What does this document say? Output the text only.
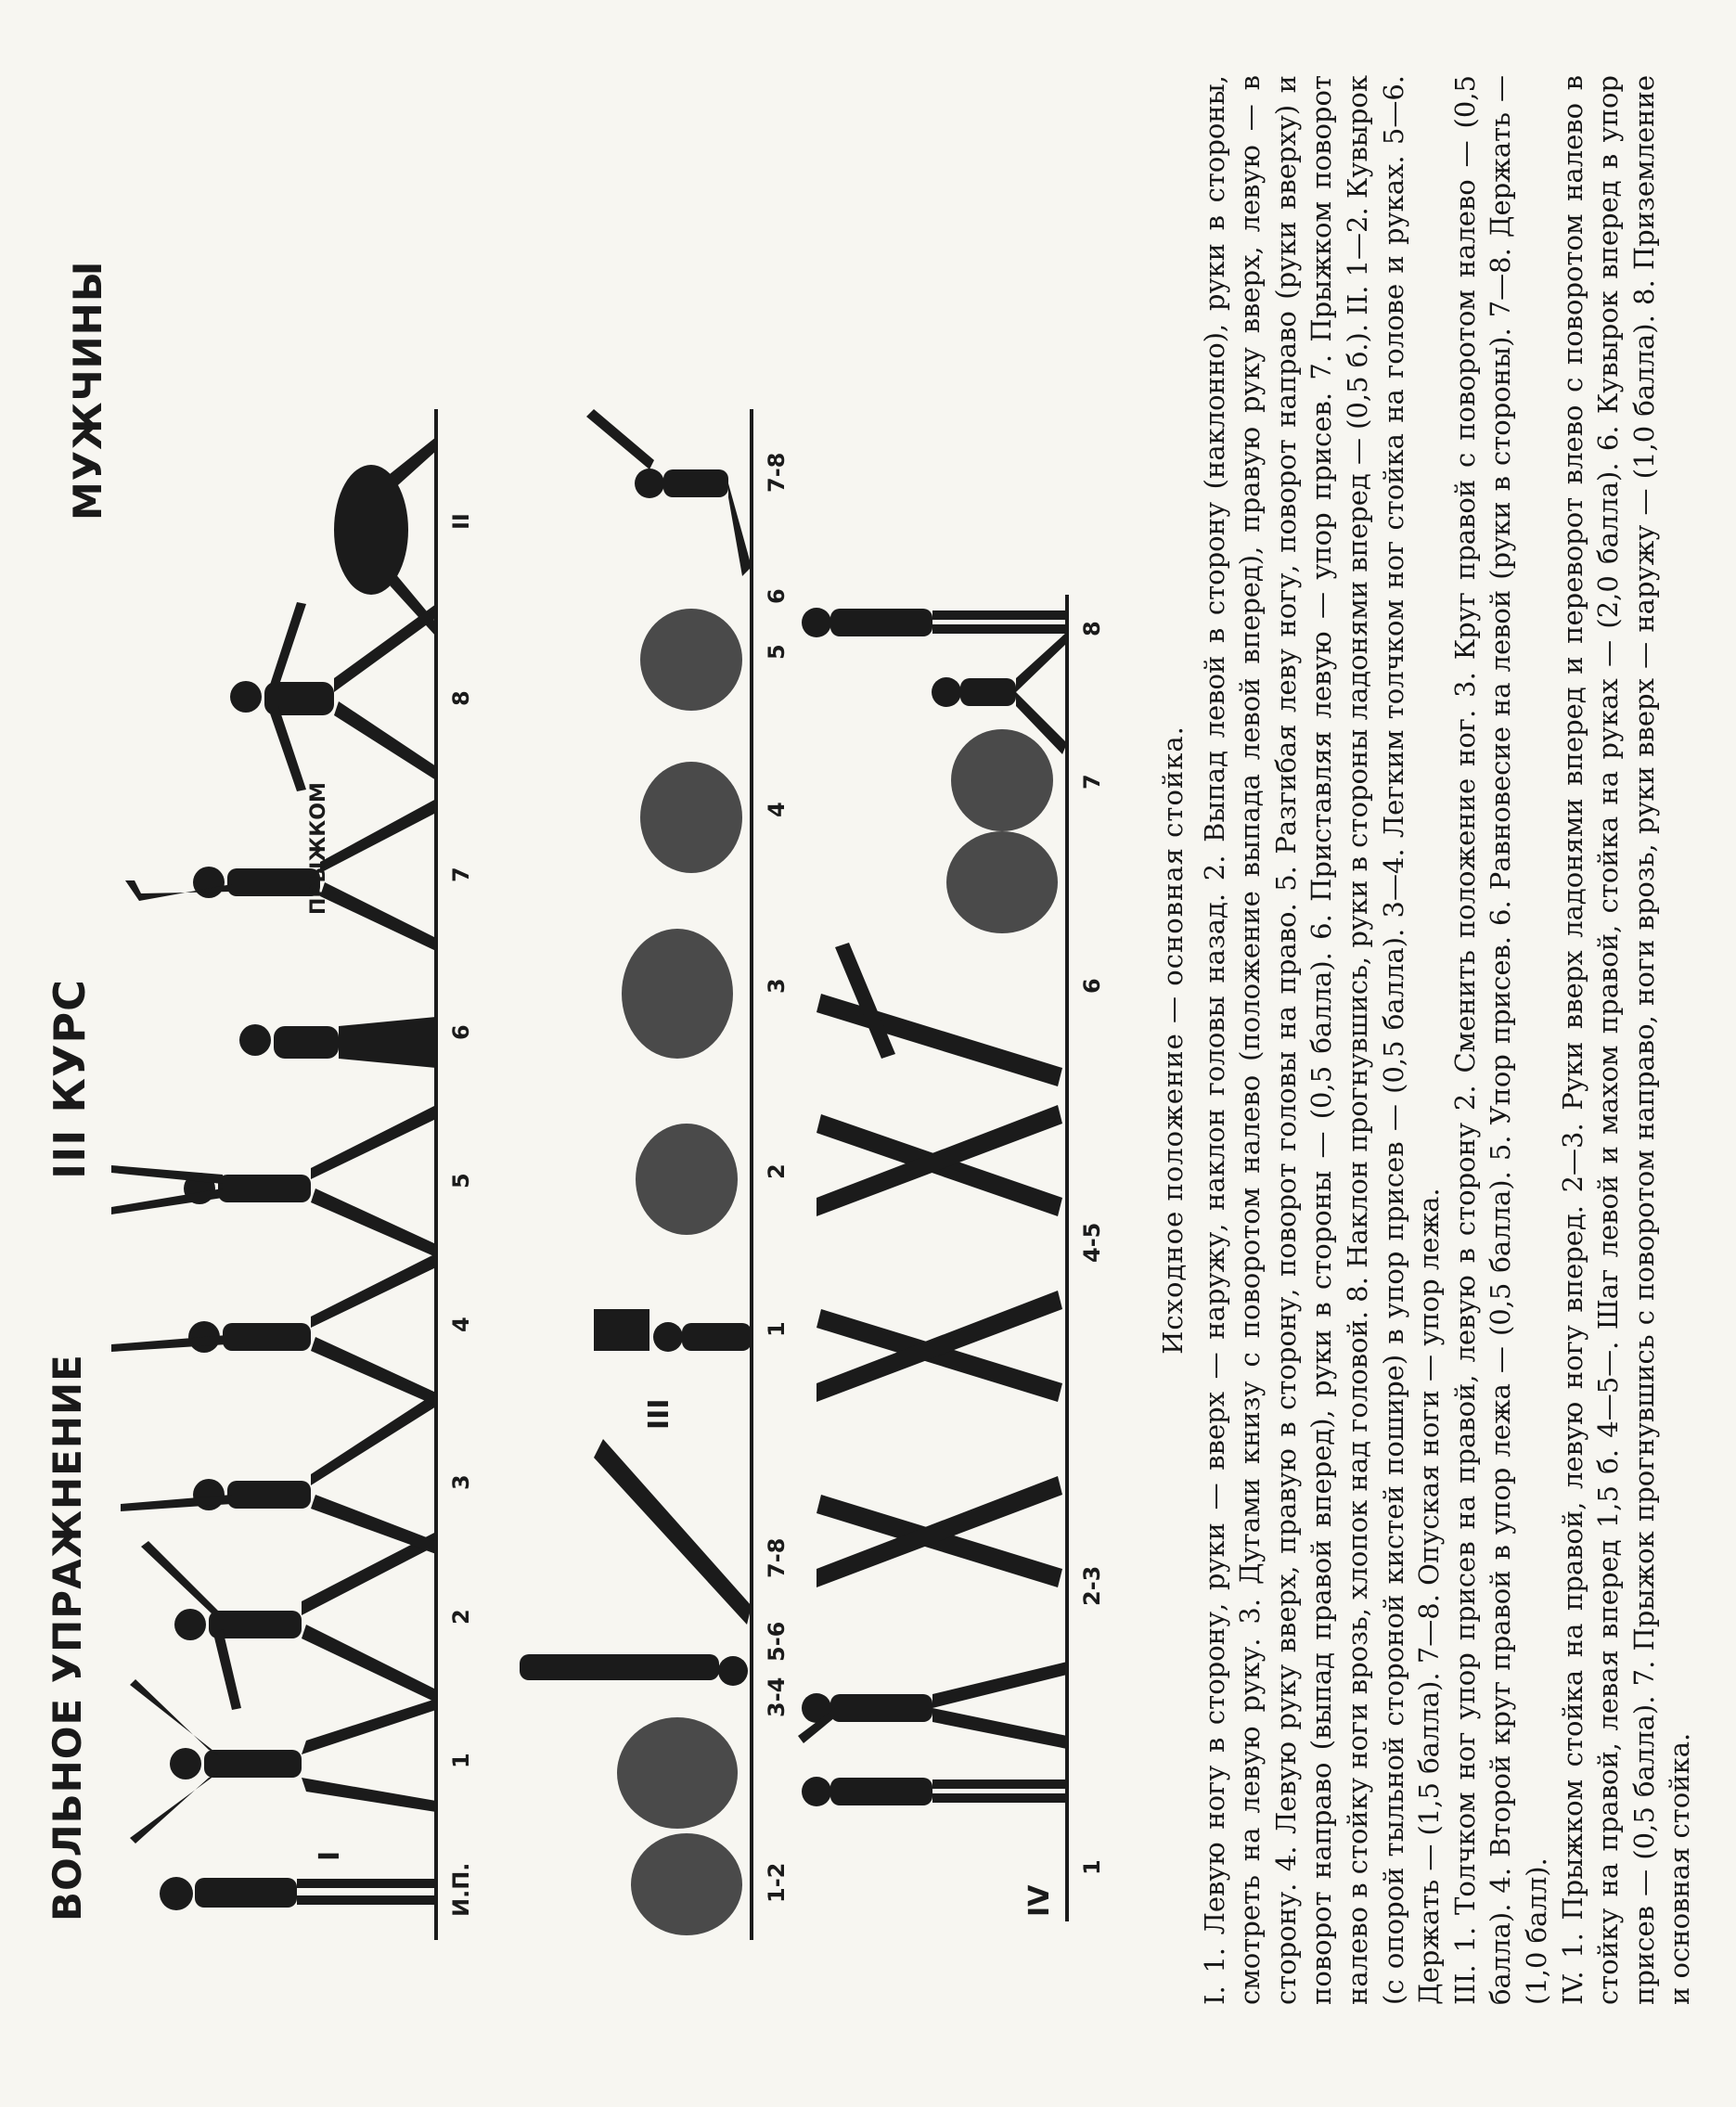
ВОЛЬНОЕ УПРАЖНЕНИЕ
III КУРС
МУЖЧИНЫ
ПРЫЖКОМ
И.П.
1
2
3
4
5
6
7
8
I
II
1-2
3-4
5-6
7-8
1
2
3
4
5
6
7-8
III
1
2-3
4-5
6
7
8
IV
Исходное положение — основная стойка. I. 1. Левую ногу в сторону, руки — вверх — наружу, наклон головы назад. 2. Выпад левой в сторону (наклонно), руки в стороны, смотреть на левую руку. 3. Дугами книзу с поворотом налево (положение выпада левой вперед), правую руку вверх, левую — в сторону. 4. Левую руку вверх, правую в сторону, поворот головы на право. 5. Разгибая леву ногу, поворот направо (руки вверху) и поворот направо (выпад правой вперед), руки в стороны — (0,5 балла). 6. Приставляя левую — упор присев. 7. Прыжком поворот налево в стойку ноги врозь, хлопок над головой. 8. Наклон прогнувшись, руки в стороны ладонями вперед — (0,5 б.). II. 1—2. Кувырок (с опорой тыльной стороной кистей пошире) в упор присев — (0,5 балла). 3—4. Легким толчком ног стойка на голове и руках. 5—6. Держать — (1,5 балла). 7—8. Опуская ноги — упор лежа. III. 1. Толчком ног упор присев на правой, левую в сторону 2. Сменить положение ног. 3. Круг правой с поворотом налево — (0,5 балла). 4. Второй круг правой в упор лежа — (0,5 балла). 5. Упор присев. 6. Равновесие на левой (руки в стороны). 7—8. Держать — (1,0 балл). IV. 1. Прыжком стойка на правой, левую ногу вперед. 2—3. Руки вверх ладонями вперед и переворот влево с поворотом налево в стойку на правой, левая вперед 1,5 б. 4—5—. Шаг левой и махом правой, стойка на руках — (2,0 балла). 6. Кувырок вперед в упор присев — (0,5 балла). 7. Прыжок прогнувшись с поворотом направо, ноги врозь, руки вверх — наружу — (1,0 балла). 8. Приземление и основная стойка.
